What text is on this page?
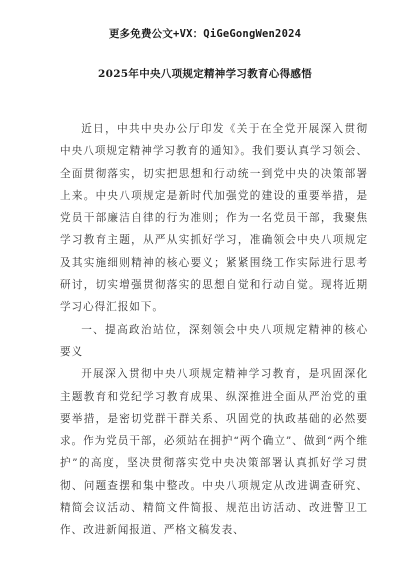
更多免费公文+VX：QiGeGongWen2024
2025年中央八项规定精神学习教育心得感悟

近日，中共中央办公厅印发《关于在全党开展深入贯彻中央八项规定精神学习教育的通知》。我们要认真学习领会、全面贯彻落实，切实把思想和行动统一到党中央的决策部署上来。中央八项规定是新时代加强党的建设的重要举措，是党员干部廉洁自律的行为准则；作为一名党员干部，我聚焦学习教育主题，从严从实抓好学习，准确领会中央八项规定及其实施细则精神的核心要义；紧紧围绕工作实际进行思考研讨，切实增强贯彻落实的思想自觉和行动自觉。现将近期学习心得汇报如下。

一、提高政治站位，深刻领会中央八项规定精神的核心要义

开展深入贯彻中央八项规定精神学习教育，是巩固深化主题教育和党纪学习教育成果、纵深推进全面从严治党的重要举措，是密切党群干群关系、巩固党的执政基础的必然要求。作为党员干部，必须站在拥护“两个确立”、做到“两个维护”的高度，坚决贯彻落实党中央决策部署认真抓好学习贯彻、问题查摆和集中整改。中央八项规定从改进调查研究、精简会议活动、精简文件简报、规范出访活动、改进警卫工作、改进新闻报道、严格文稿发表、
